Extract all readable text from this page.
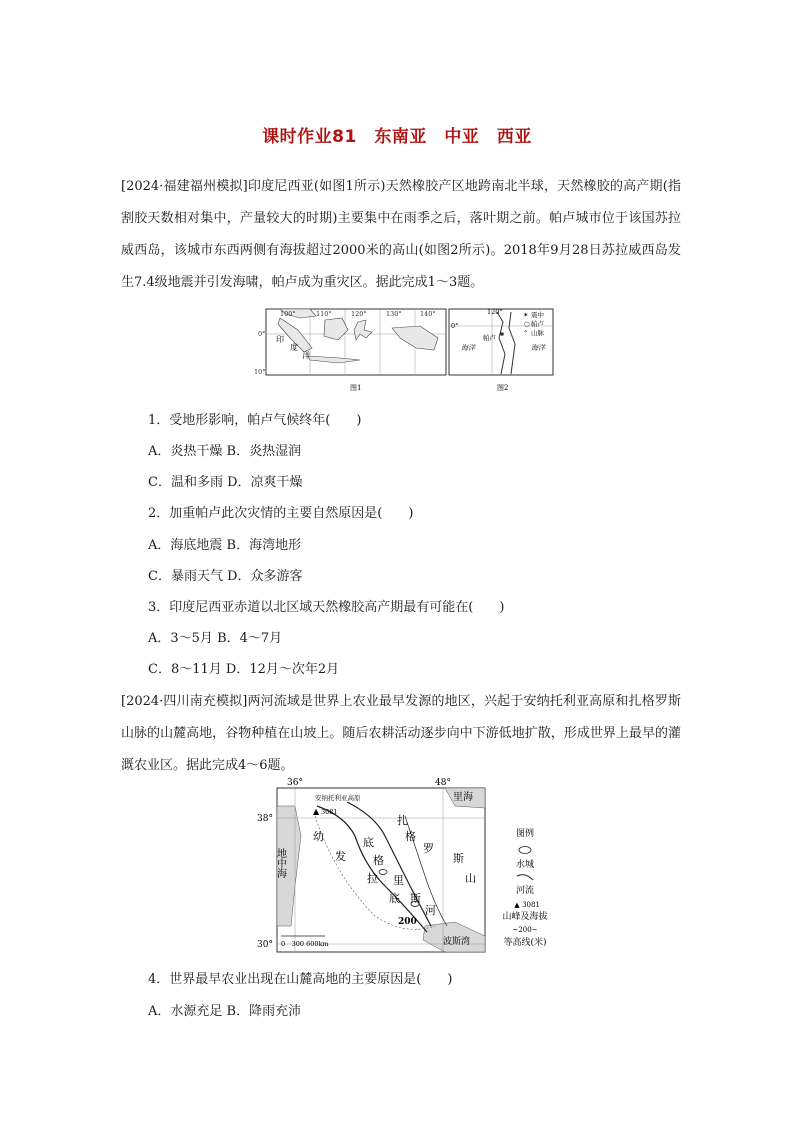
课时作业81　东南亚　中亚　西亚

[2024·福建福州模拟]印度尼西亚(如图1所示)天然橡胶产区地跨南北半球，天然橡胶的高产期(指割胶天数相对集中，产量较大的时期)主要集中在雨季之后，落叶期之前。帕卢城市位于该国苏拉威西岛，该城市东西两侧有海拔超过2000米的高山(如图2所示)。2018年9月28日苏拉威西岛发生7.4级地震并引发海啸，帕卢成为重灾区。据此完成1～3题。

印
度
洋
100°	110°	120°	130°	140°
0°
10°
图1
120°
0°
海洋	海洋
帕卢
震中
帕卢
山脉
✶
○
⌃
图2

1．受地形影响，帕卢气候终年(　　)

A．炎热干燥 B．炎热湿润

C．温和多雨 D．凉爽干燥

2．加重帕卢此次灾情的主要自然原因是(　　)

A．海底地震 B．海湾地形

C．暴雨天气 D．众多游客

3．印度尼西亚赤道以北区域天然橡胶高产期最有可能在(　　)

A．3～5月 B．4～7月

C．8～11月 D．12月～次年2月

[2024·四川南充模拟]两河流域是世界上农业最早发源的地区，兴起于安纳托利亚高原和扎格罗斯山脉的山麓高地，谷物种植在山坡上。随后农耕活动逐步向中下游低地扩散，形成世界上最早的灌溉农业区。据此完成4～6题。

36°	48°
38°
30°
安纳托利亚高原
▲ 3081
里海
地中海
幼
发
拉
底
底
格
里
斯
河
扎
格
罗
斯
山
200
波斯湾
0　300 600km
图例
水城
河流
▲ 3081
山峰及海拔
~200~
等高线(米)

4．世界最早农业出现在山麓高地的主要原因是(　　)

A．水源充足 B．降雨充沛
